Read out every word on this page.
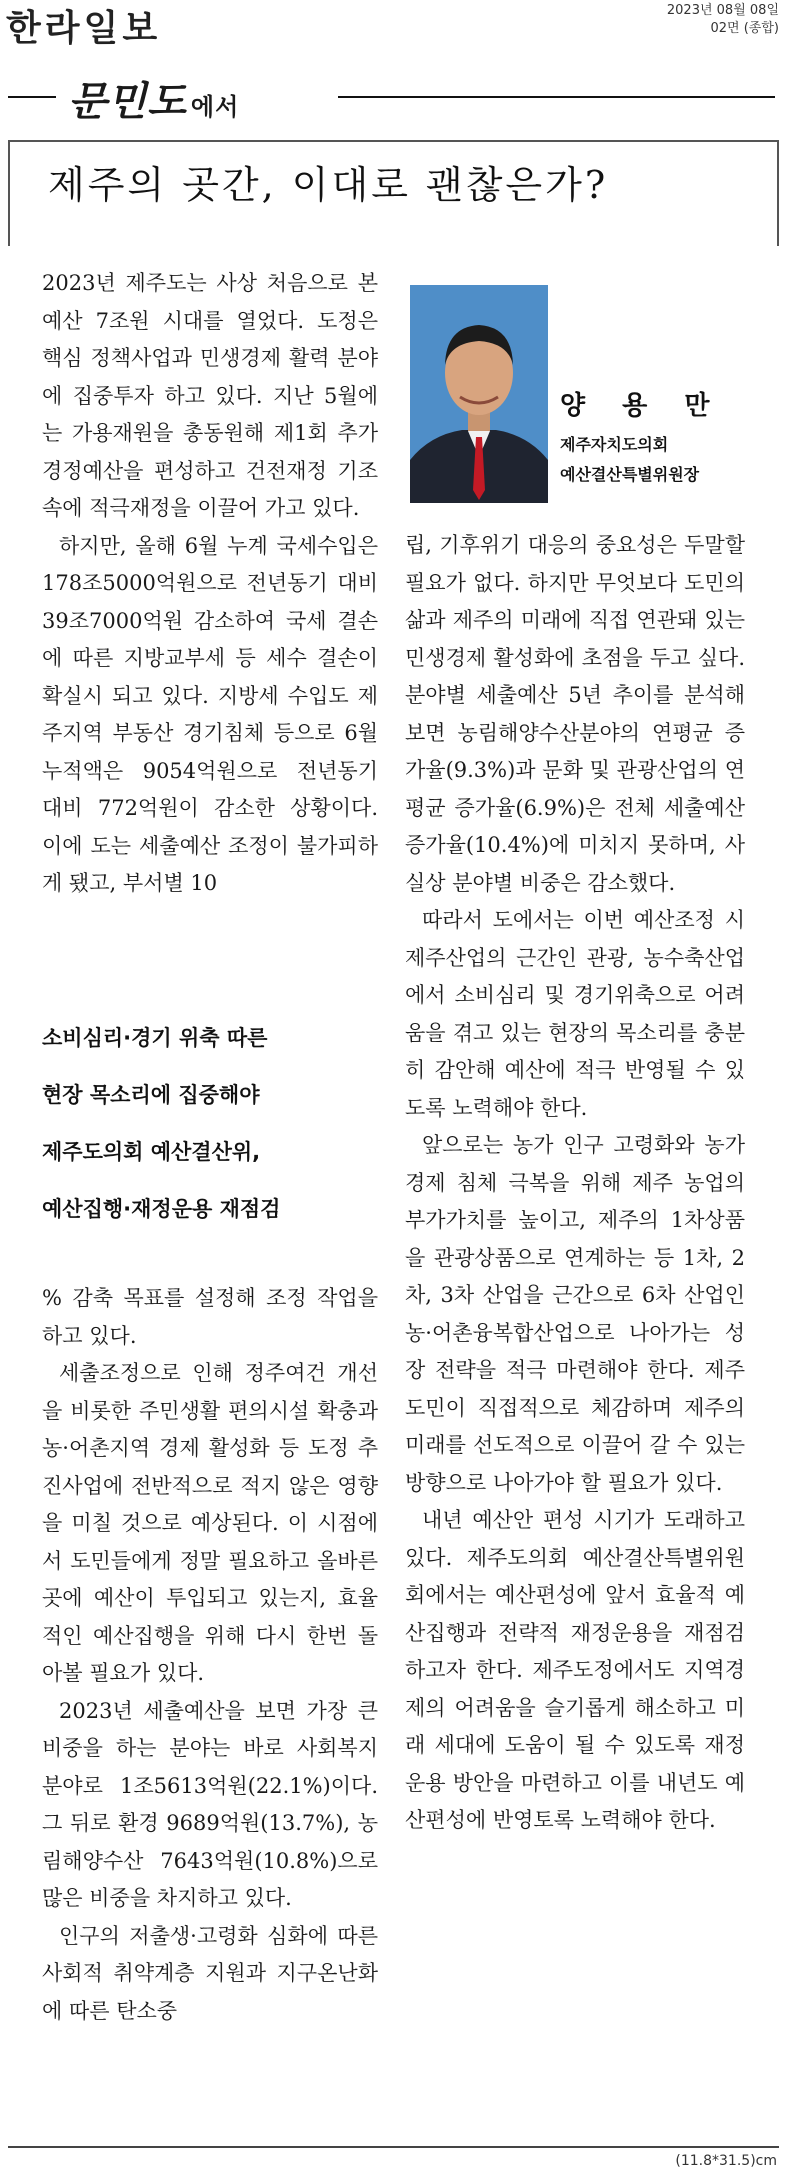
한라일보	2023년 08월 08일
02면 (종합)
문민도 에서
제주의 곳간, 이대로 괜찮은가?

2023년 제주도는 사상 처음으로 본예산 7조원 시대를 열었다. 도정은 핵심 정책사업과 민생경제 활력 분야에 집중투자 하고 있다. 지난 5월에는 가용재원을 총동원해 제1회 추가경정예산을 편성하고 건전재정 기조 속에 적극재정을 이끌어 가고 있다.

하지만, 올해 6월 누계 국세수입은 178조5000억원으로 전년동기 대비 39조7000억원 감소하여 국세 결손에 따른 지방교부세 등 세수 결손이 확실시 되고 있다. 지방세 수입도 제주지역 부동산 경기침체 등으로 6월 누적액은 9054억원으로 전년동기 대비 772억원이 감소한 상황이다. 이에 도는 세출예산 조정이 불가피하게 됐고, 부서별 10

소비심리·경기 위축 따른
현장 목소리에 집중해야
제주도의회 예산결산위,
예산집행·재정운용 재점검

% 감축 목표를 설정해 조정 작업을 하고 있다.

세출조정으로 인해 정주여건 개선을 비롯한 주민생활 편의시설 확충과 농·어촌지역 경제 활성화 등 도정 추진사업에 전반적으로 적지 않은 영향을 미칠 것으로 예상된다. 이 시점에서 도민들에게 정말 필요하고 올바른 곳에 예산이 투입되고 있는지, 효율적인 예산집행을 위해 다시 한번 돌아볼 필요가 있다.

2023년 세출예산을 보면 가장 큰 비중을 하는 분야는 바로 사회복지 분야로 1조5613억원(22.1%)이다. 그 뒤로 환경 9689억원(13.7%), 농림해양수산 7643억원(10.8%)으로 많은 비중을 차지하고 있다.

인구의 저출생·고령화 심화에 따른 사회적 취약계층 지원과 지구온난화에 따른 탄소중

양 용 만
제주자치도의회
예산결산특별위원장

립, 기후위기 대응의 중요성은 두말할 필요가 없다. 하지만 무엇보다 도민의 삶과 제주의 미래에 직접 연관돼 있는 민생경제 활성화에 초점을 두고 싶다. 분야별 세출예산 5년 추이를 분석해 보면 농림해양수산분야의 연평균 증가율(9.3%)과 문화 및 관광산업의 연평균 증가율(6.9%)은 전체 세출예산 증가율(10.4%)에 미치지 못하며, 사실상 분야별 비중은 감소했다.

따라서 도에서는 이번 예산조정 시 제주산업의 근간인 관광, 농수축산업에서 소비심리 및 경기위축으로 어려움을 겪고 있는 현장의 목소리를 충분히 감안해 예산에 적극 반영될 수 있도록 노력해야 한다.

앞으로는 농가 인구 고령화와 농가경제 침체 극복을 위해 제주 농업의 부가가치를 높이고, 제주의 1차상품을 관광상품으로 연계하는 등 1차, 2차, 3차 산업을 근간으로 6차 산업인 농·어촌융복합산업으로 나아가는 성장 전략을 적극 마련해야 한다. 제주도민이 직접적으로 체감하며 제주의 미래를 선도적으로 이끌어 갈 수 있는 방향으로 나아가야 할 필요가 있다.

내년 예산안 편성 시기가 도래하고 있다. 제주도의회 예산결산특별위원회에서는 예산편성에 앞서 효율적 예산집행과 전략적 재정운용을 재점검하고자 한다. 제주도정에서도 지역경제의 어려움을 슬기롭게 해소하고 미래 세대에 도움이 될 수 있도록 재정운용 방안을 마련하고 이를 내년도 예산편성에 반영토록 노력해야 한다.

(11.8*31.5)cm
